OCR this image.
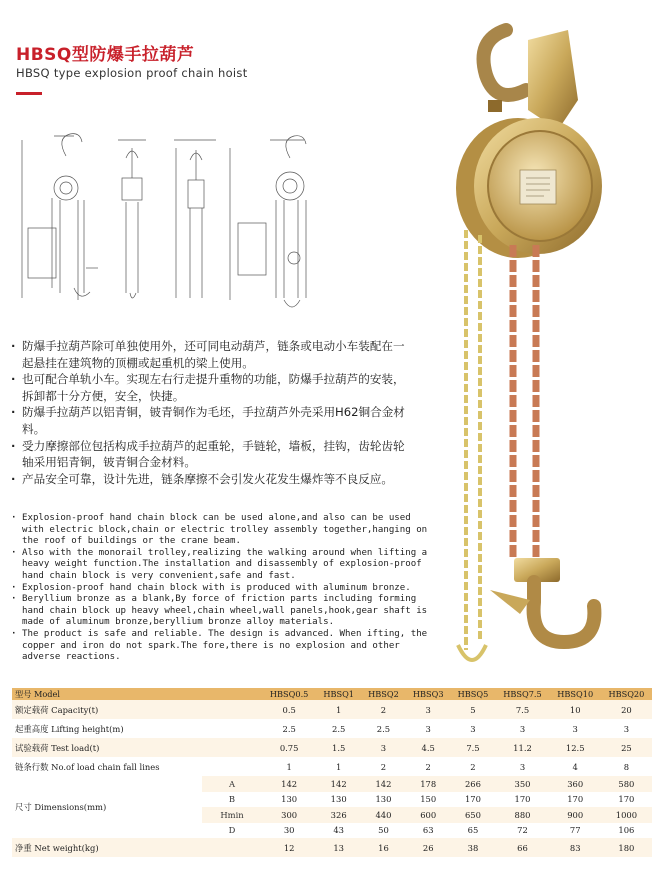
HBSQ型防爆手拉葫芦
HBSQ type explosion proof chain hoist
· 防爆手拉葫芦除可单独使用外，还可同电动葫芦，链条或电动小车装配在一起悬挂在建筑物的顶棚或起重机的梁上使用。
· 也可配合单轨小车。实现左右行走提升重物的功能，防爆手拉葫芦的安装，拆卸都十分方便，安全，快捷。
· 防爆手拉葫芦以铝青铜，铍青铜作为毛坯，手拉葫芦外壳采用H62铜合金材料。
· 受力摩擦部位包括构成手拉葫芦的起重轮，手链轮，墙板，挂钩，齿轮齿轮轴采用铝青铜，铍青铜合金材料。
· 产品安全可靠，设计先进，链条摩擦不会引发火花发生爆炸等不良反应。
· Explosion-proof hand chain block can be used alone,and also can be used with electric block,chain or electric trolley assembly together,hanging on the roof of buildings or the crane beam.
· Also with the monorail trolley,realizing the walking around when lifting a heavy weight function.The installation and disassembly of explosion-proof hand chain block is very convenient,safe and fast.
· Explosion-proof hand chain block with is produced with aluminum bronze.
· Beryllium bronze as a blank,By force of friction parts including forming hand chain block up heavy wheel,chain wheel,wall panels,hook,gear shaft is made of aluminum bronze,beryllium bronze alloy materials.
· The product is safe and reliable. The design is advanced. When ifting, the copper and iron do not spark.The fore,there is no explosion and other adverse reactions.
型号 Model		HBSQ0.5	HBSQ1	HBSQ2	HBSQ3	HBSQ5	HBSQ7.5	HBSQ10	HBSQ20
额定载荷 Capacity(t)		0.5	1	2	3	5	7.5	10	20
起重高度 Lifting height(m)		2.5	2.5	2.5	3	3	3	3	3
试验载荷 Test load(t)		0.75	1.5	3	4.5	7.5	11.2	12.5	25
链条行数 No.of load chain fall lines		1	1	2	2	2	3	4	8
尺寸 Dimensions(mm)	A	142	142	142	178	266	350	360	580
	B	130	130	130	150	170	170	170	170
	Hmin	300	326	440	600	650	880	900	1000
	D	30	43	50	63	65	72	77	106
净重 Net weight(kg)		12	13	16	26	38	66	83	180
